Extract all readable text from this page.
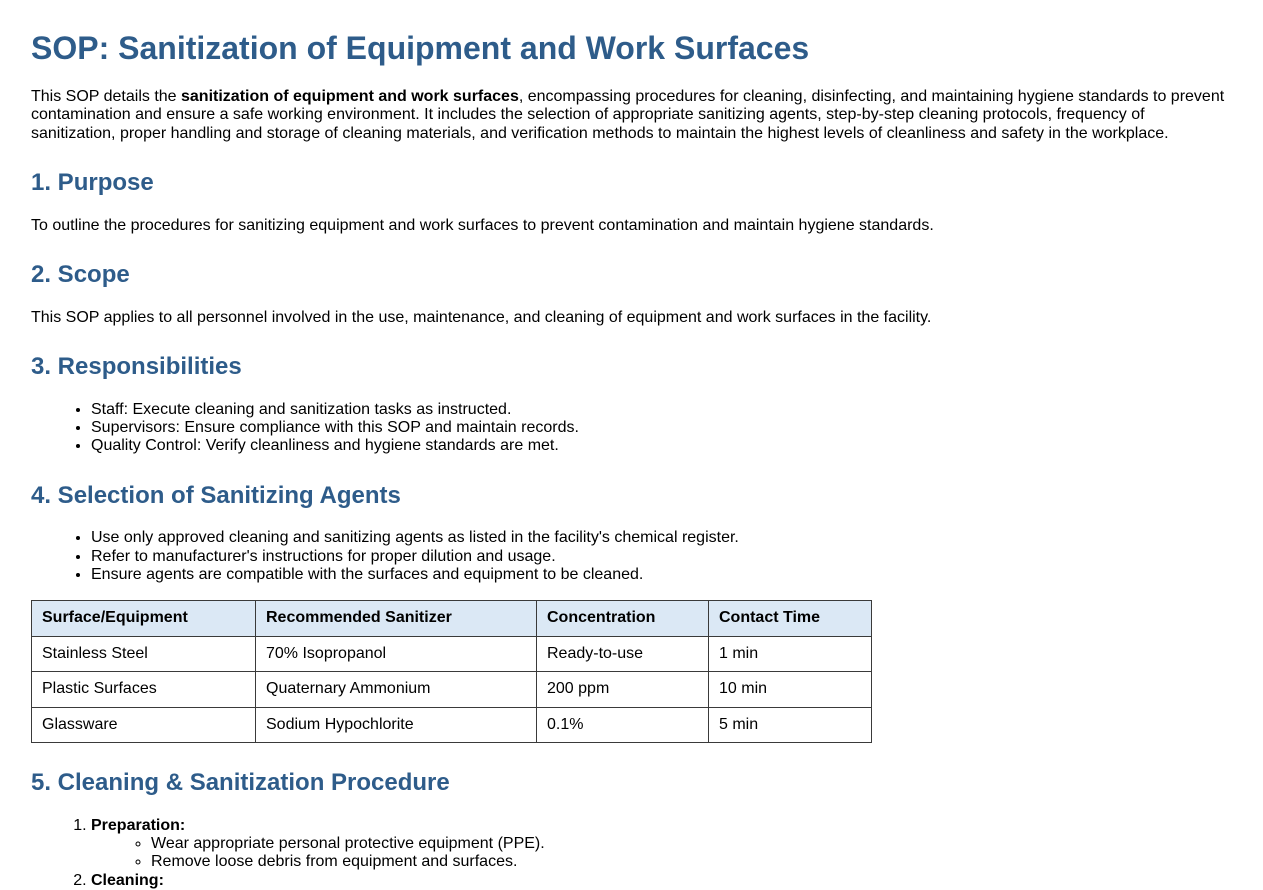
SOP: Sanitization of Equipment and Work Surfaces

This SOP details the sanitization of equipment and work surfaces, encompassing procedures for cleaning, disinfecting, and maintaining hygiene standards to prevent contamination and ensure a safe working environment. It includes the selection of appropriate sanitizing agents, step-by-step cleaning protocols, frequency of sanitization, proper handling and storage of cleaning materials, and verification methods to maintain the highest levels of cleanliness and safety in the workplace.

1. Purpose

To outline the procedures for sanitizing equipment and work surfaces to prevent contamination and maintain hygiene standards.

2. Scope

This SOP applies to all personnel involved in the use, maintenance, and cleaning of equipment and work surfaces in the facility.

3. Responsibilities
• Staff: Execute cleaning and sanitization tasks as instructed.
• Supervisors: Ensure compliance with this SOP and maintain records.
• Quality Control: Verify cleanliness and hygiene standards are met.
4. Selection of Sanitizing Agents
• Use only approved cleaning and sanitizing agents as listed in the facility's chemical register.
• Refer to manufacturer's instructions for proper dilution and usage.
• Ensure agents are compatible with the surfaces and equipment to be cleaned.
Surface/Equipment	Recommended Sanitizer	Concentration	Contact Time
Stainless Steel	70% Isopropanol	Ready-to-use	1 min
Plastic Surfaces	Quaternary Ammonium	200 ppm	10 min
Glassware	Sodium Hypochlorite	0.1%	5 min
5. Cleaning & Sanitization Procedure
1. Preparation:
◦ Wear appropriate personal protective equipment (PPE).
◦ Remove loose debris from equipment and surfaces.
2. Cleaning:
